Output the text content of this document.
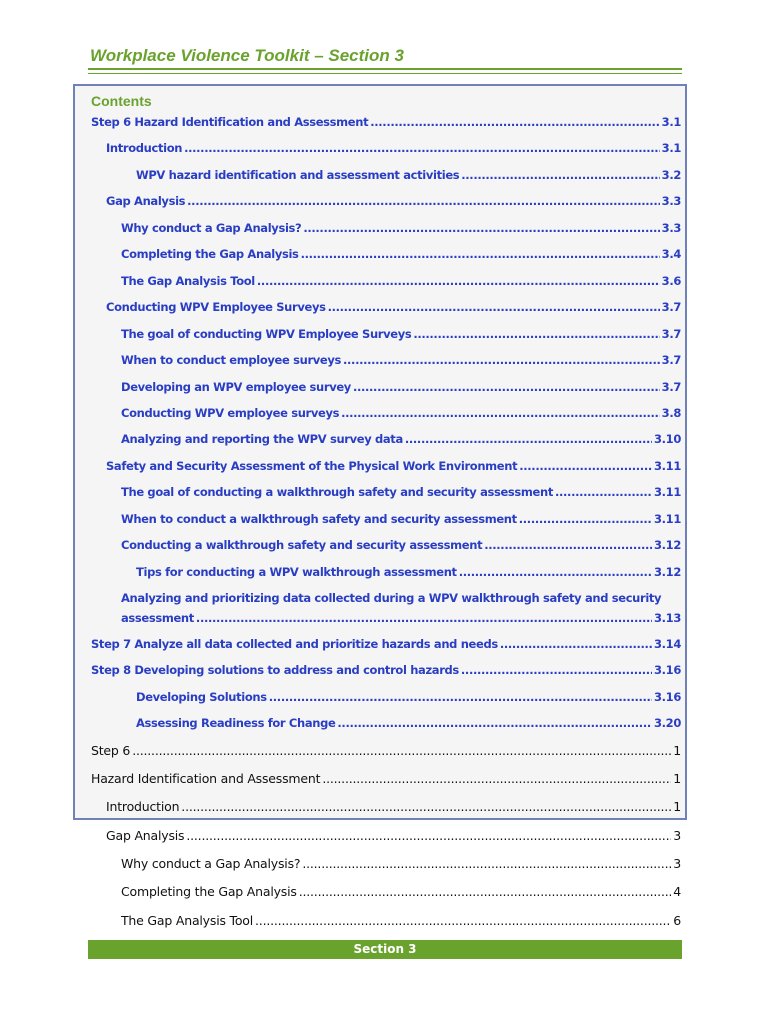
Workplace Violence Toolkit – Section 3
Contents
Step 6 Hazard Identification and Assessment .....	3.1
Introduction .....	3.1
WPV hazard identification and assessment activities .....	3.2
Gap Analysis .....	3.3
Why conduct a Gap Analysis? .....	3.3
Completing the Gap Analysis .....	3.4
The Gap Analysis Tool .....	3.6
Conducting WPV Employee Surveys .....	3.7
The goal of conducting WPV Employee Surveys .....	3.7
When to conduct employee surveys .....	3.7
Developing an WPV employee survey .....	3.7
Conducting WPV employee surveys .....	3.8
Analyzing and reporting the WPV survey data .....	3.10
Safety and Security Assessment of the Physical Work Environment .....	3.11
The goal of conducting a walkthrough safety and security assessment .....	3.11
When to conduct a walkthrough safety and security assessment .....	3.11
Conducting a walkthrough safety and security assessment .....	3.12
Tips for conducting a WPV walkthrough assessment .....	3.12
Analyzing and prioritizing data collected during a WPV walkthrough safety and security
assessment .....	3.13
Step 7 Analyze all data collected and prioritize hazards and needs .....	3.14
Step 8 Developing solutions to address and control hazards .....	3.16
Developing Solutions .....	3.16
Assessing Readiness for Change .....	3.20
Step 6 .....	1
Hazard Identification and Assessment .....	1
Introduction .....	1
Gap Analysis .....	3
Why conduct a Gap Analysis? .....	3
Completing the Gap Analysis .....	4
The Gap Analysis Tool .....	6
Section 3
